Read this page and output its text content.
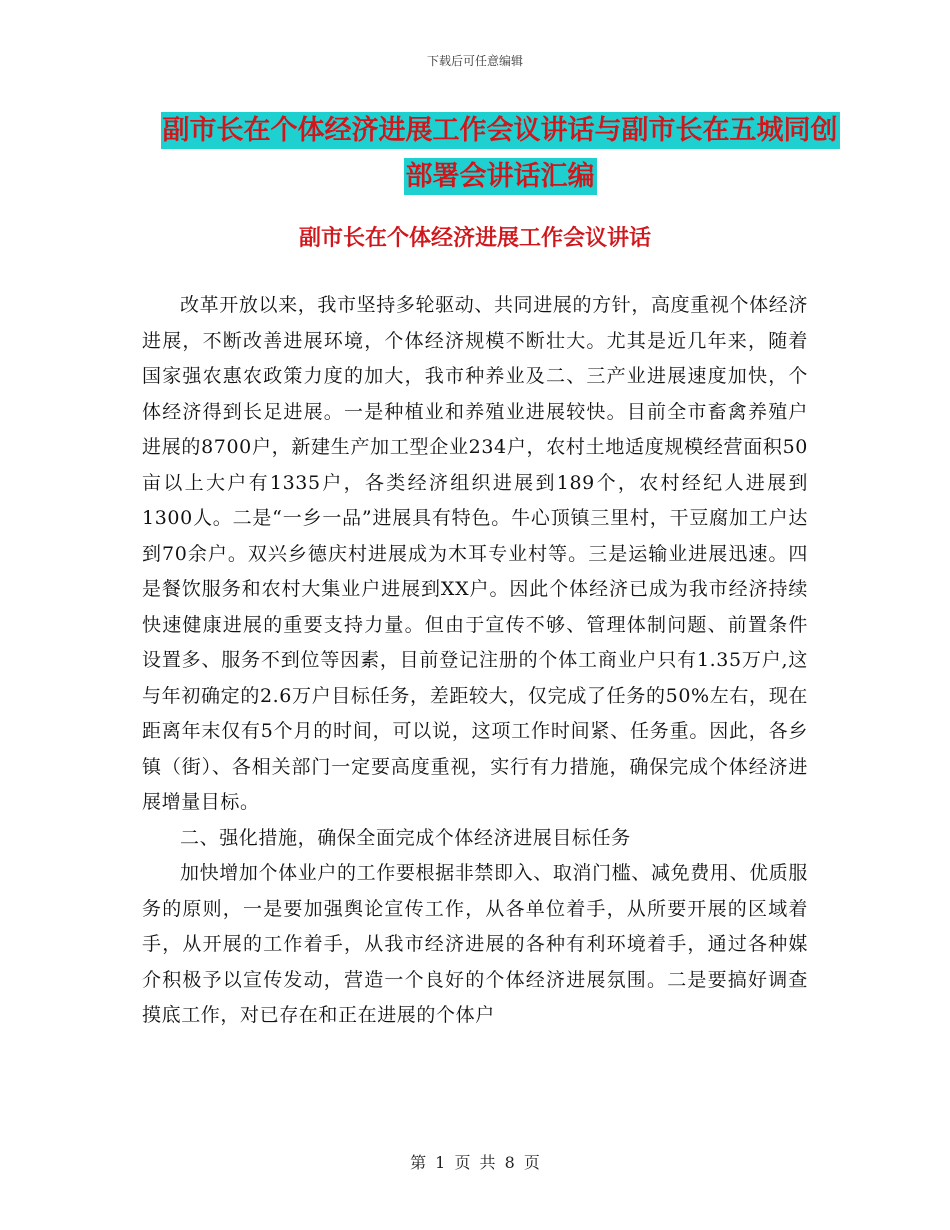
下载后可任意编辑
副市长在个体经济进展工作会议讲话与副市长在五城同创部署会讲话汇编
副市长在个体经济进展工作会议讲话

改革开放以来，我市坚持多轮驱动、共同进展的方针，高度重视个体经济进展，不断改善进展环境，个体经济规模不断壮大。尤其是近几年来，随着国家强农惠农政策力度的加大，我市种养业及二、三产业进展速度加快，个体经济得到长足进展。一是种植业和养殖业进展较快。目前全市畜禽养殖户进展的8700户，新建生产加工型企业234户，农村土地适度规模经营面积50亩以上大户有1335户，各类经济组织进展到189个，农村经纪人进展到1300人。二是“一乡一品”进展具有特色。牛心顶镇三里村，干豆腐加工户达到70余户。双兴乡德庆村进展成为木耳专业村等。三是运输业进展迅速。四是餐饮服务和农村大集业户进展到XX户。因此个体经济已成为我市经济持续快速健康进展的重要支持力量。但由于宣传不够、管理体制问题、前置条件设置多、服务不到位等因素，目前登记注册的个体工商业户只有1.35万户,这与年初确定的2.6万户目标任务，差距较大，仅完成了任务的50%左右，现在距离年末仅有5个月的时间，可以说，这项工作时间紧、任务重。因此，各乡镇（街）、各相关部门一定要高度重视，实行有力措施，确保完成个体经济进展增量目标。

二、强化措施，确保全面完成个体经济进展目标任务

加快增加个体业户的工作要根据非禁即入、取消门槛、减免费用、优质服务的原则，一是要加强舆论宣传工作，从各单位着手，从所要开展的区域着手，从开展的工作着手，从我市经济进展的各种有利环境着手，通过各种媒介积极予以宣传发动，营造一个良好的个体经济进展氛围。二是要搞好调查摸底工作，对已存在和正在进展的个体户

第 1 页 共 8 页
